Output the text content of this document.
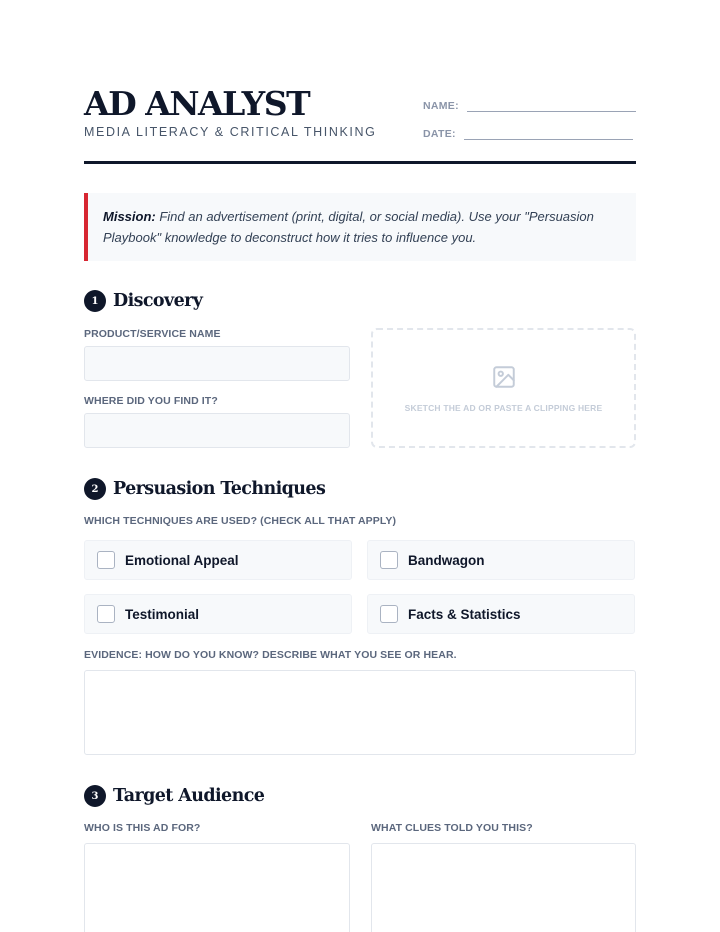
AD ANALYST
MEDIA LITERACY & CRITICAL THINKING
NAME:
DATE:
Mission: Find an advertisement (print, digital, or social media). Use your "Persuasion Playbook" knowledge to deconstruct how it tries to influence you.
1 Discovery
PRODUCT/SERVICE NAME
WHERE DID YOU FIND IT?
SKETCH THE AD OR PASTE A CLIPPING HERE
2 Persuasion Techniques
WHICH TECHNIQUES ARE USED? (CHECK ALL THAT APPLY)
Emotional Appeal	Bandwagon
Testimonial	Facts & Statistics
EVIDENCE: HOW DO YOU KNOW? DESCRIBE WHAT YOU SEE OR HEAR.
3 Target Audience
WHO IS THIS AD FOR?	WHAT CLUES TOLD YOU THIS?
